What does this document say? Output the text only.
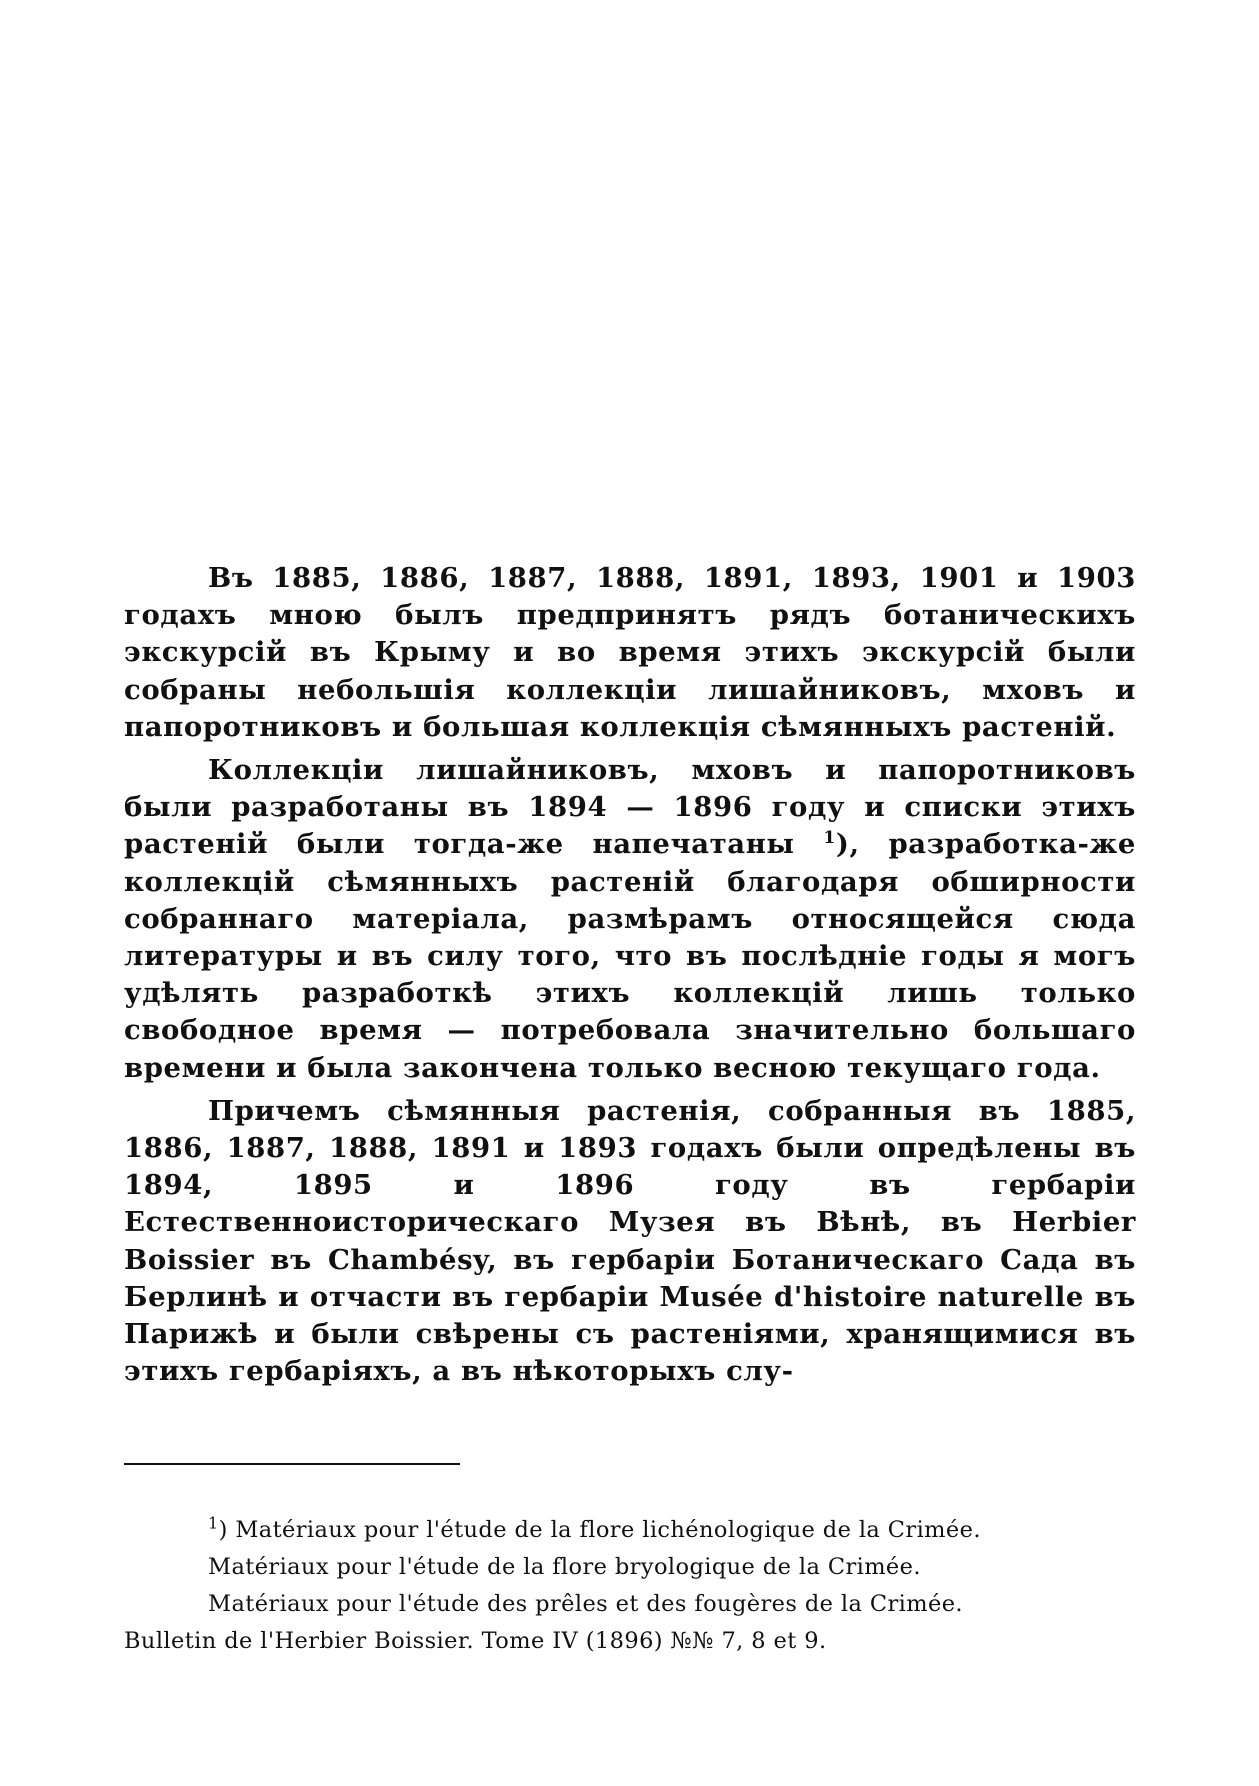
Въ 1885, 1886, 1887, 1888, 1891, 1893, 1901 и 1903 годахъ мною былъ предпринятъ рядъ ботаническихъ экскурсій въ Крыму и во время этихъ экскурсій были собраны небольшія коллекціи лишайниковъ, мховъ и папоротниковъ и большая коллекція сѣмянныхъ растеній.

Коллекціи лишайниковъ, мховъ и папоротниковъ были разработаны въ 1894 — 1896 году и списки этихъ растеній были тогда-же напечатаны $^1$), разработка-же коллекцій сѣмянныхъ растеній благодаря обширности собраннаго матеріала, размѣрамъ относящейся сюда литературы и въ силу того, что въ послѣдніе годы я могъ удѣлять разработкѣ этихъ коллекцій лишь только свободное время — потребовала значительно большаго времени и была закончена только весною текущаго года.

Причемъ сѣмянныя растенія, собранныя въ 1885, 1886, 1887, 1888, 1891 и 1893 годахъ были опредѣлены въ 1894, 1895 и 1896 году въ гербаріи Естественноисторическаго Музея въ Вѣнѣ, въ Herbier Boissier въ Chambésy, въ гербаріи Ботаническаго Сада въ Берлинѣ и отчасти въ гербаріи Musée d'histoire naturelle въ Парижѣ и были свѣрены съ растеніями, хранящимися въ этихъ гербаріяхъ, а въ нѣкоторыхъ слу-

$^1$) Matériaux pour l'étude de la flore lichénologique de la Crimée.

Matériaux pour l'étude de la flore bryologique de la Crimée.

Matériaux pour l'étude des prêles et des fougères de la Crimée.

Bulletin de l'Herbier Boissier. Tome IV (1896) №№ 7, 8 et 9.
